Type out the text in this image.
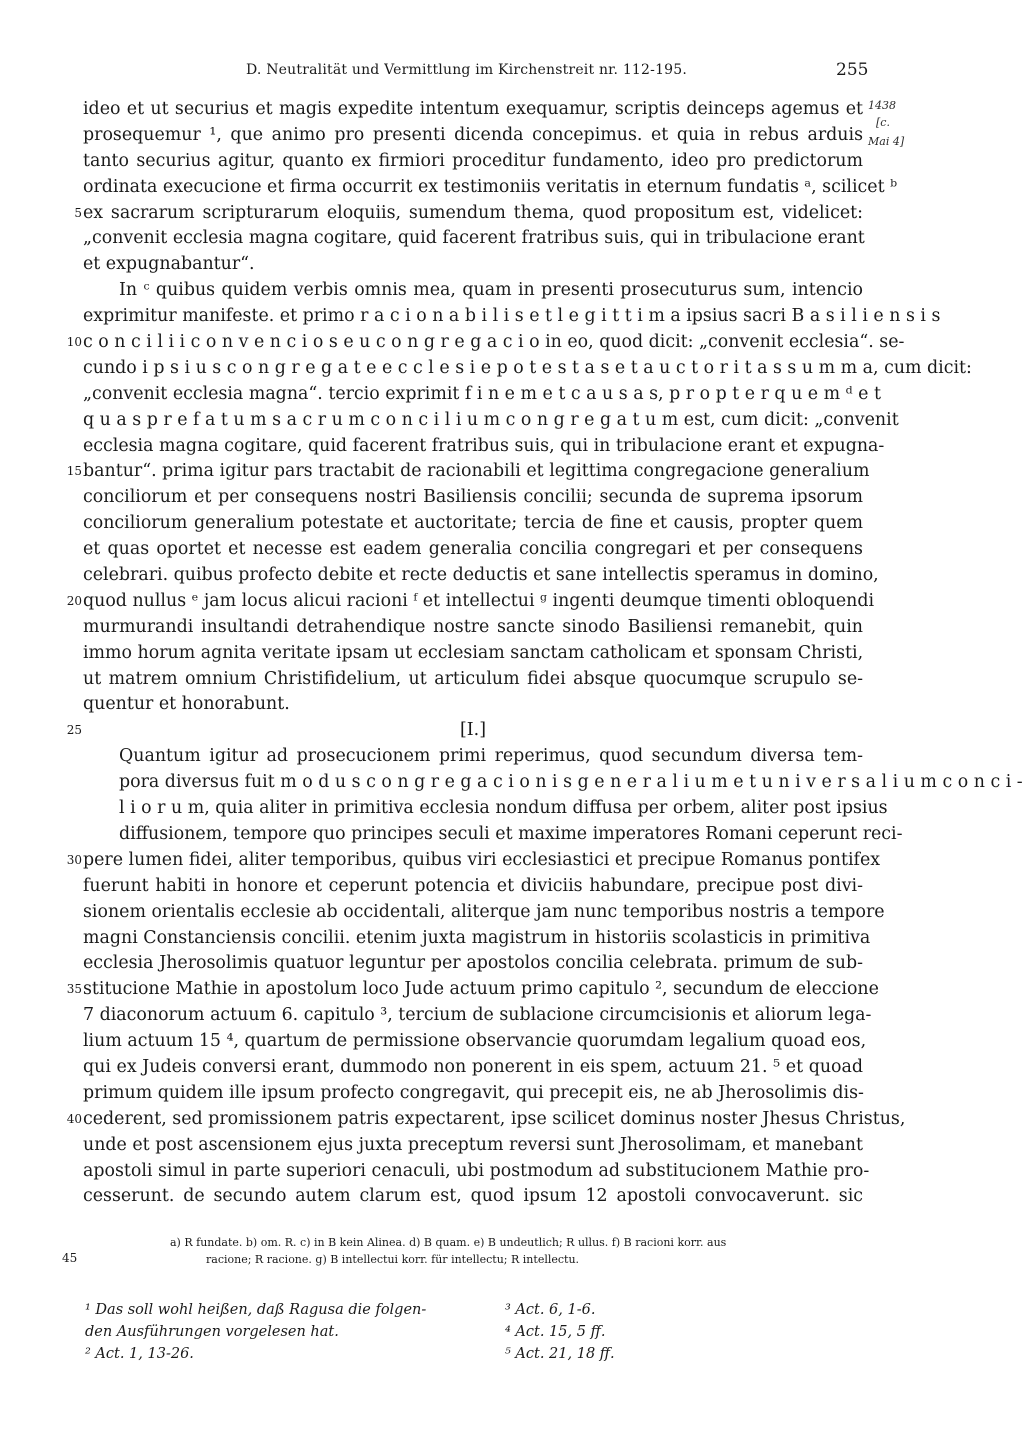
D. Neutralität und Vermittlung im Kirchenstreit nr. 112-195.	255
1438
[c.
Mai 4]
ideo et ut securius et magis expedite intentum exequamur, scriptis deinceps agemus et
prosequemur ¹, que animo pro presenti dicenda concepimus. et quia in rebus arduis
tanto securius agitur, quanto ex firmiori proceditur fundamento, ideo pro predictorum
ordinata execucione et firma occurrit ex testimoniis veritatis in eternum fundatis ᵃ, scilicet ᵇ
5 ex sacrarum scripturarum eloquiis, sumendum thema, quod propositum est, videlicet:
„convenit ecclesia magna cogitare, quid facerent fratribus suis, qui in tribulacione erant
et expugnabantur“.
In ᶜ quibus quidem verbis omnis mea, quam in presenti prosecuturus sum, intencio
exprimitur manifeste. et primo r a c i o n a b i l i s e t l e g i t t i m a ipsius sacri B a s i l i e n s i s
10 c o n c i l i i c o n v e n c i o s e u c o n g r e g a c i o in eo, quod dicit: „convenit ecclesia“. se-
cundo i p s i u s c o n g r e g a t e e c c l e s i e p o t e s t a s e t a u c t o r i t a s s u m m a, cum dicit:
„convenit ecclesia magna“. tercio exprimit f i n e m e t c a u s a s, p r o p t e r q u e m ᵈ e t
q u a s p r e f a t u m s a c r u m c o n c i l i u m c o n g r e g a t u m est, cum dicit: „convenit
ecclesia magna cogitare, quid facerent fratribus suis, qui in tribulacione erant et expugna-
15 bantur“. prima igitur pars tractabit de racionabili et legittima congregacione generalium
conciliorum et per consequens nostri Basiliensis concilii; secunda de suprema ipsorum
conciliorum generalium potestate et auctoritate; tercia de fine et causis, propter quem
et quas oportet et necesse est eadem generalia concilia congregari et per consequens
celebrari. quibus profecto debite et recte deductis et sane intellectis speramus in domino,
20 quod nullus ᵉ jam locus alicui racioni ᶠ et intellectui ᵍ ingenti deumque timenti obloquendi
murmurandi insultandi detrahendique nostre sancte sinodo Basiliensi remanebit, quin
immo horum agnita veritate ipsam ut ecclesiam sanctam catholicam et sponsam Christi,
ut matrem omnium Christifidelium, ut articulum fidei absque quocumque scrupulo se-
quentur et honorabunt.
25	[I.]
Quantum igitur ad prosecucionem primi reperimus, quod secundum diversa tem-
pora diversus fuit m o d u s c o n g r e g a c i o n i s g e n e r a l i u m e t u n i v e r s a l i u m c o n c i -
l i o r u m, quia aliter in primitiva ecclesia nondum diffusa per orbem, aliter post ipsius
diffusionem, tempore quo principes seculi et maxime imperatores Romani ceperunt reci-
30 pere lumen fidei, aliter temporibus, quibus viri ecclesiastici et precipue Romanus pontifex
fuerunt habiti in honore et ceperunt potencia et diviciis habundare, precipue post divi-
sionem orientalis ecclesie ab occidentali, aliterque jam nunc temporibus nostris a tempore
magni Constanciensis concilii. etenim juxta magistrum in historiis scolasticis in primitiva
ecclesia Jherosolimis quatuor leguntur per apostolos concilia celebrata. primum de sub-
35 stitucione Mathie in apostolum loco Jude actuum primo capitulo ², secundum de eleccione
7 diaconorum actuum 6. capitulo ³, tercium de sublacione circumcisionis et aliorum lega-
lium actuum 15 ⁴, quartum de permissione observancie quorumdam legalium quoad eos,
qui ex Judeis conversi erant, dummodo non ponerent in eis spem, actuum 21. ⁵ et quoad
primum quidem ille ipsum profecto congregavit, qui precepit eis, ne ab Jherosolimis dis-
40 cederent, sed promissionem patris expectarent, ipse scilicet dominus noster Jhesus Christus,
unde et post ascensionem ejus juxta preceptum reversi sunt Jherosolimam, et manebant
apostoli simul in parte superiori cenaculi, ubi postmodum ad substitucionem Mathie pro-
cesserunt. de secundo autem clarum est, quod ipsum 12 apostoli convocaverunt. sic
45
a) R fundate. b) om. R. c) in B kein Alinea. d) B quam. e) B undeutlich; R ullus. f) B racioni korr. aus
racione; R racione. g) B intellectui korr. für intellectu; R intellectu.
¹ Das soll wohl heißen, daß Ragusa die folgen-
den Ausführungen vorgelesen hat.
² Act. 1, 13-26.
³ Act. 6, 1-6.
⁴ Act. 15, 5 ff.
⁵ Act. 21, 18 ff.
